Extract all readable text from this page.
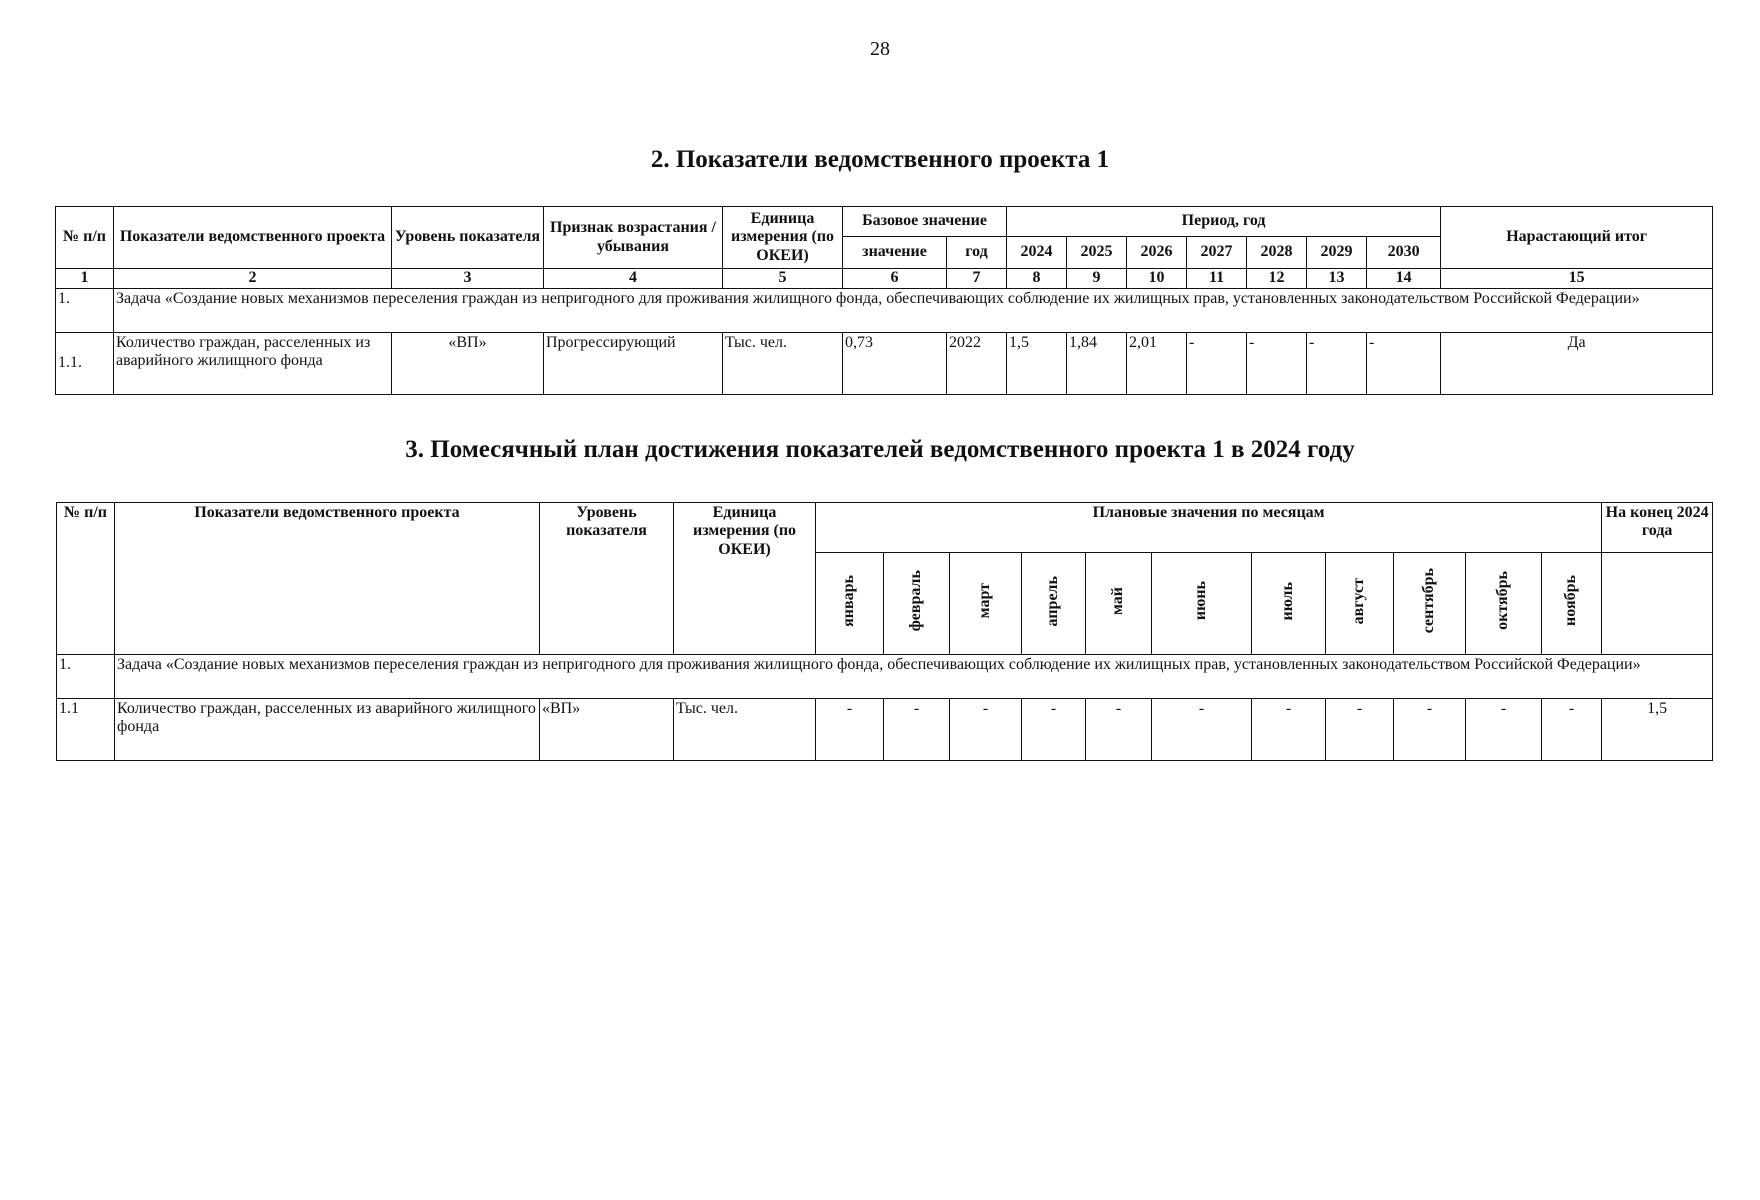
28
2. Показатели ведомственного проекта 1
№ п/п	Показатели ведомственного проекта	Уровень показателя	Признак возрастания / убывания	Единица измерения (по ОКЕИ)	Базовое значение		Период, год							Нарастающий итог
					значение	год	2024	2025	2026	2027	2028	2029	2030	
1	2	3	4	5	6	7	8	9	10	11	12	13	14	15
1.	Задача «Создание новых механизмов переселения граждан из непригодного для проживания жилищного фонда, обеспечивающих соблюдение их жилищных прав, установленных законодательством Российской Федерации»													
1.1.	Количество граждан, расселенных из аварийного жилищного фонда	«ВП»	Прогрессирующий	Тыс. чел.	0,73	2022	1,5	1,84	2,01	-	-	-	-	Да
3. Помесячный план достижения показателей ведомственного проекта 1 в 2024 году
№ п/п	Показатели ведомственного проекта	Уровень показателя	Единица измерения (по ОКЕИ)	Плановые значения по месяцам											На конец 2024 года
				январь	февраль	март	апрель	май	июнь	июль	август	сентябрь	октябрь	ноябрь	
1.	Задача «Создание новых механизмов переселения граждан из непригодного для проживания жилищного фонда, обеспечивающих соблюдение их жилищных прав, установленных законодательством Российской Федерации»														
1.1	Количество граждан, расселенных из аварийного жилищного фонда	«ВП»	Тыс. чел.	-	-	-	-	-	-	-	-	-	-	-	1,5
